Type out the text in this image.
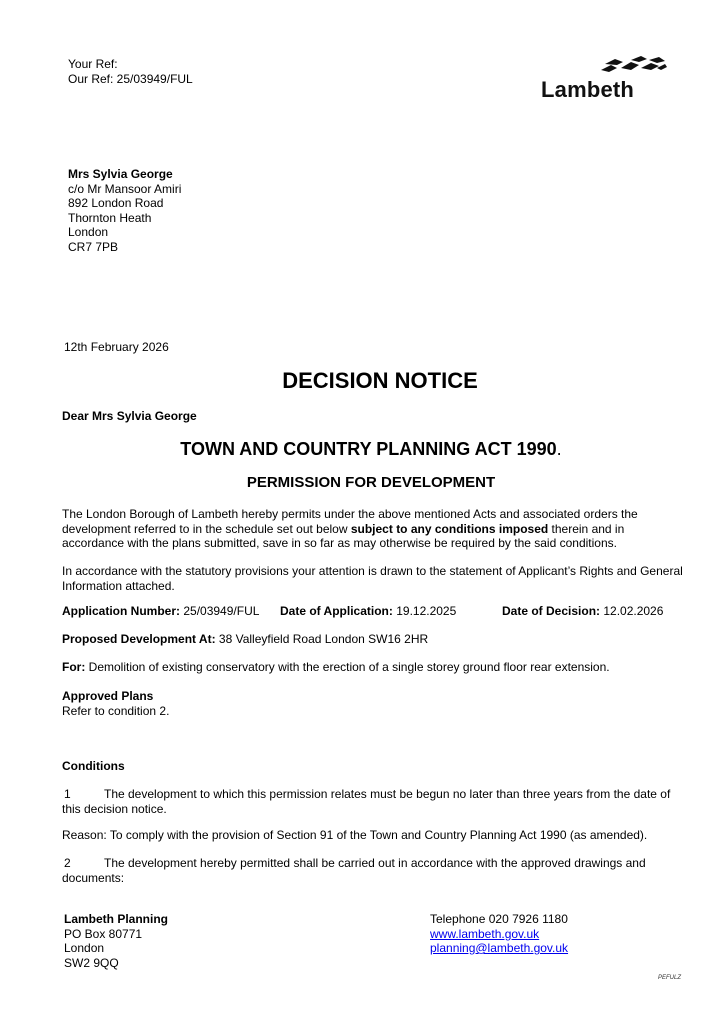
Your Ref:
Our Ref: 25/03949/FUL	Lambeth
Mrs Sylvia George
c/o Mr Mansoor Amiri
892 London Road
Thornton Heath
London
CR7 7PB
12th February 2026
DECISION NOTICE
Dear Mrs Sylvia George
TOWN AND COUNTRY PLANNING ACT 1990.
PERMISSION FOR DEVELOPMENT

The London Borough of Lambeth hereby permits under the above mentioned Acts and associated orders the development referred to in the schedule set out below subject to any conditions imposed therein and in accordance with the plans submitted, save in so far as may otherwise be required by the said conditions.

In accordance with the statutory provisions your attention is drawn to the statement of Applicant’s Rights and General Information attached.

Application Number: 25/03949/FUL Date of Application: 19.12.2025	Date of Decision: 12.02.2026

Proposed Development At: 38 Valleyfield Road London SW16 2HR

For: Demolition of existing conservatory with the erection of a single storey ground floor rear extension.

Approved Plans
Refer to condition 2.
Conditions

1	The development to which this permission relates must be begun no later than three years from the date of this decision notice.

Reason: To comply with the provision of Section 91 of the Town and Country Planning Act 1990 (as amended).

2	The development hereby permitted shall be carried out in accordance with the approved drawings and documents:

Lambeth Planning
PO Box 80771
London
SW2 9QQ
Telephone 020 7926 1180
www.lambeth.gov.uk
planning@lambeth.gov.uk
PEFULZ
